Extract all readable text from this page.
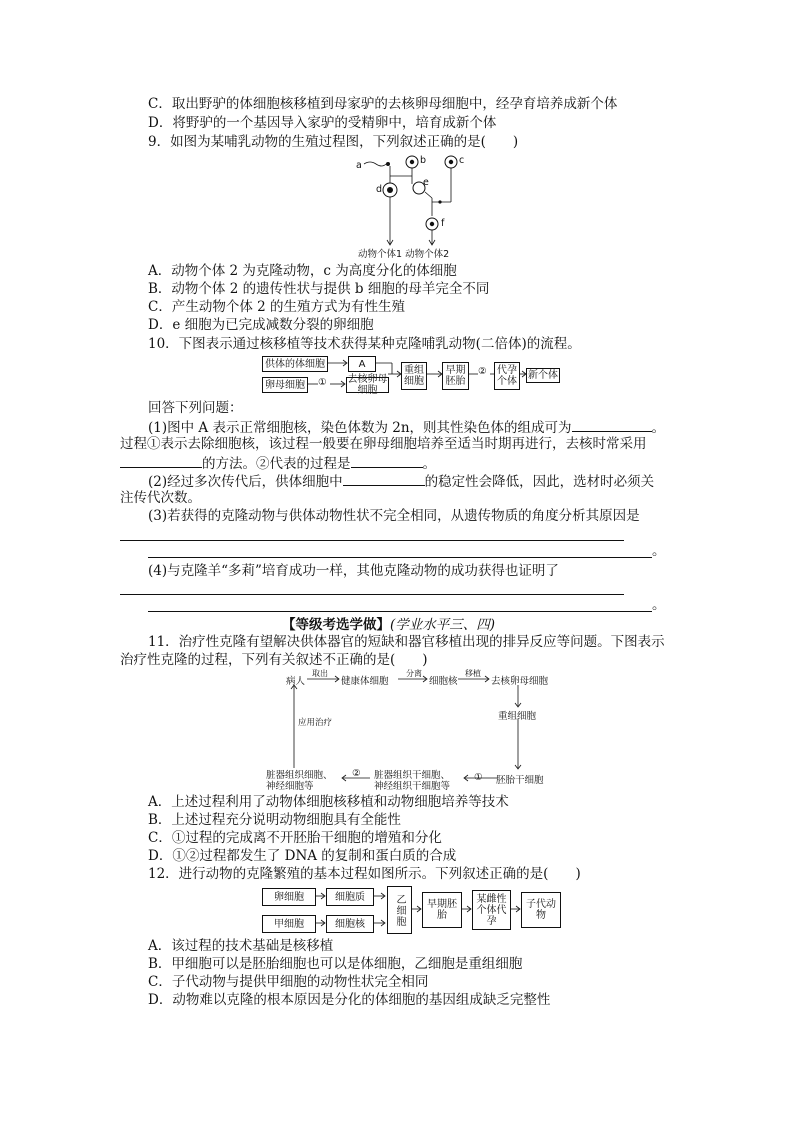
C．取出野驴的体细胞核移植到母家驴的去核卵母细胞中，经孕育培养成新个体
D．将野驴的一个基因导入家驴的受精卵中，培育成新个体
9．如图为某哺乳动物的生殖过程图，下列叙述正确的是(　　)
a	b	c
d
e
f
动物个体1 动物个体2
A．动物个体 2 为克隆动物，c 为高度分化的体细胞
B．动物个体 2 的遗传性状与提供 b 细胞的母羊完全不同
C．产生动物个体 2 的生殖方式为有性生殖
D．e 细胞为已完成减数分裂的卵细胞
10．下图表示通过核移植等技术获得某种克隆哺乳动物(二倍体)的流程。
供体的体细胞	A
卵母细胞	① 去核卵母细胞
重组细胞
早期胚胎
②	代孕个体
新个体
回答下列问题：
(1)图中 A 表示正常细胞核，染色体数为 2n，则其性染色体的组成可为	。
过程①表示去除细胞核，该过程一般要在卵母细胞培养至适当时期再进行，去核时常采用
的方法。②代表的过程是	。
(2)经过多次传代后，供体细胞中	的稳定性会降低，因此，选材时必须关
注传代次数。
(3)若获得的克隆动物与供体动物性状不完全相同，从遗传物质的角度分析其原因是
。
(4)与克隆羊“多莉”培育成功一样，其他克隆动物的成功获得也证明了
。
【等级考选学做】(学业水平三、四)
11．治疗性克隆有望解决供体器官的短缺和器官移植出现的排异反应等问题。下图表示
治疗性克隆的过程，下列有关叙述不正确的是(　　)
病人
取出
健康体细胞
分离
细胞核
移植
去核卵母细胞
重组细胞
① 胚胎干细胞
脏器组织干细胞、
神经组织干细胞等
②
脏器组织细胞、
神经细胞等
应用治疗
A．上述过程利用了动物体细胞核移植和动物细胞培养等技术
B．上述过程充分说明动物细胞具有全能性
C．①过程的完成离不开胚胎干细胞的增殖和分化
D．①②过程都发生了 DNA 的复制和蛋白质的合成
12．进行动物的克隆繁殖的基本过程如图所示。下列叙述正确的是(　　)
卵细胞	细胞质
甲细胞	细胞核	乙细胞	早期胚胎
某雌性个体代孕
子代动物
A．该过程的技术基础是核移植
B．甲细胞可以是胚胎细胞也可以是体细胞，乙细胞是重组细胞
C．子代动物与提供甲细胞的动物性状完全相同
D．动物难以克隆的根本原因是分化的体细胞的基因组成缺乏完整性
